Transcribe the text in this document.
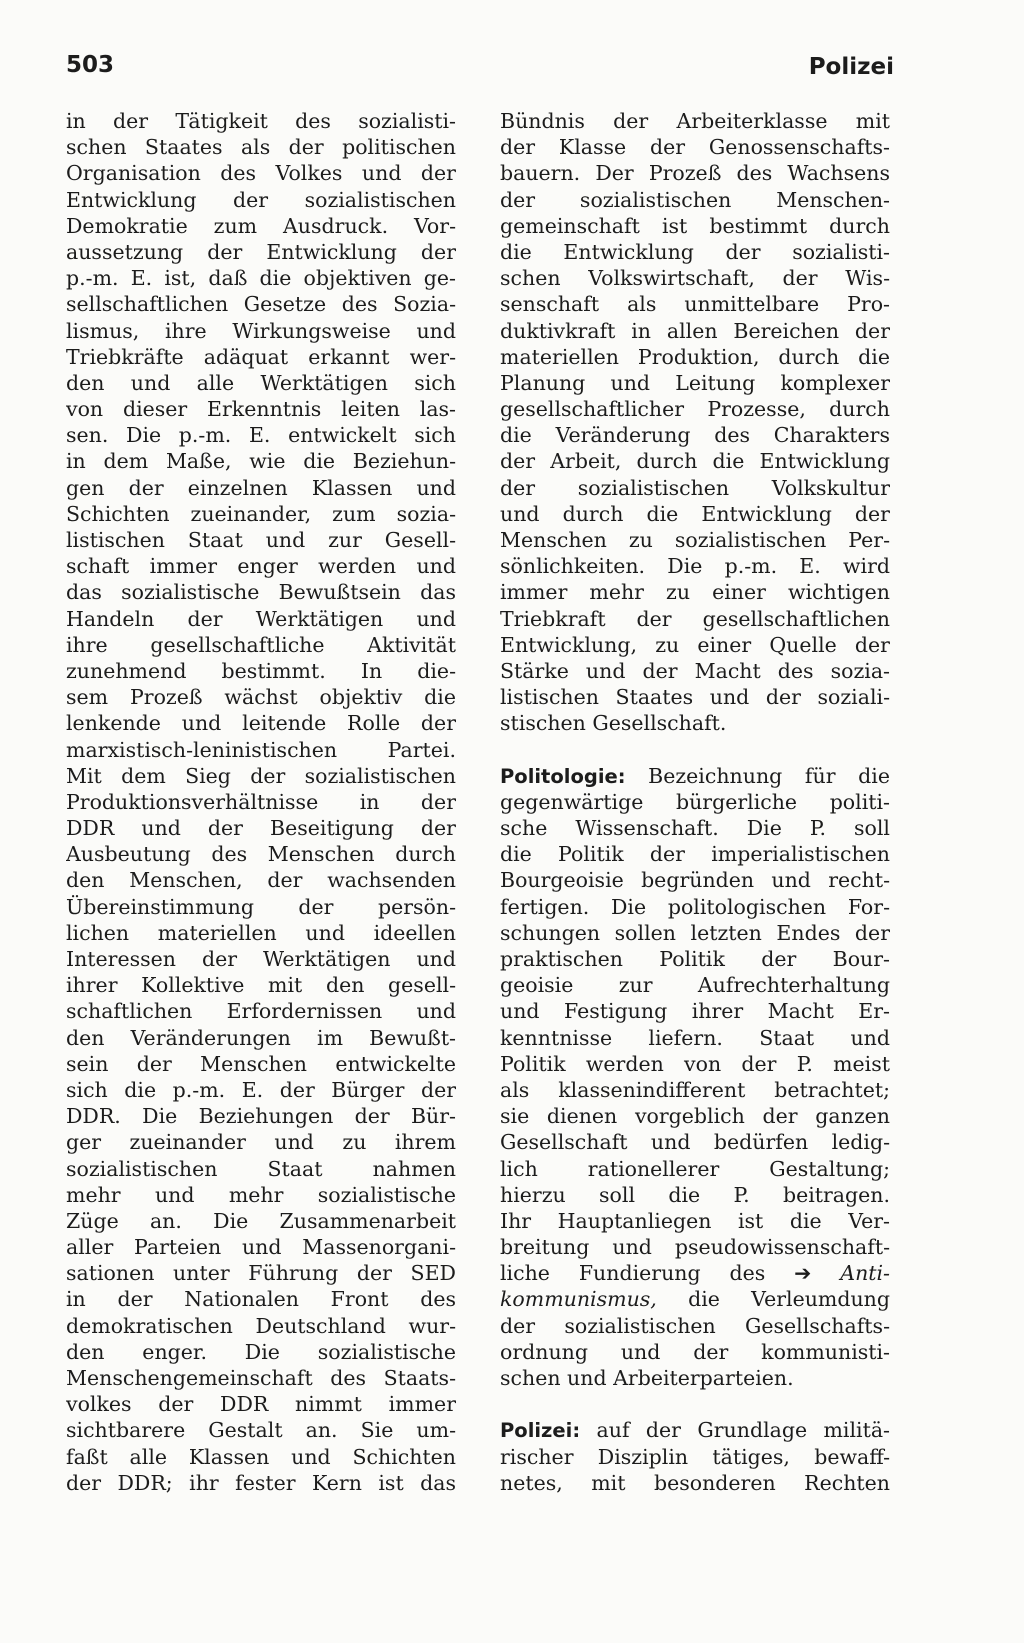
503	Polizei
in der Tätigkeit des sozialisti-
schen Staates als der politischen
Organisation des Volkes und der
Entwicklung der sozialistischen
Demokratie zum Ausdruck. Vor-
aussetzung der Entwicklung der
p.-m. E. ist, daß die objektiven ge-
sellschaftlichen Gesetze des Sozia-
lismus, ihre Wirkungsweise und
Triebkräfte adäquat erkannt wer-
den und alle Werktätigen sich
von dieser Erkenntnis leiten las-
sen. Die p.-m. E. entwickelt sich
in dem Maße, wie die Beziehun-
gen der einzelnen Klassen und
Schichten zueinander, zum sozia-
listischen Staat und zur Gesell-
schaft immer enger werden und
das sozialistische Bewußtsein das
Handeln der Werktätigen und
ihre gesellschaftliche Aktivität
zunehmend bestimmt. In die-
sem Prozeß wächst objektiv die
lenkende und leitende Rolle der
marxistisch-leninistischen Partei.
Mit dem Sieg der sozialistischen
Produktionsverhältnisse in der
DDR und der Beseitigung der
Ausbeutung des Menschen durch
den Menschen, der wachsenden
Übereinstimmung der persön-
lichen materiellen und ideellen
Interessen der Werktätigen und
ihrer Kollektive mit den gesell-
schaftlichen Erfordernissen und
den Veränderungen im Bewußt-
sein der Menschen entwickelte
sich die p.-m. E. der Bürger der
DDR. Die Beziehungen der Bür-
ger zueinander und zu ihrem
sozialistischen Staat nahmen
mehr und mehr sozialistische
Züge an. Die Zusammenarbeit
aller Parteien und Massenorgani-
sationen unter Führung der SED
in der Nationalen Front des
demokratischen Deutschland wur-
den enger. Die sozialistische
Menschengemeinschaft des Staats-
volkes der DDR nimmt immer
sichtbarere Gestalt an. Sie um-
faßt alle Klassen und Schichten
der DDR; ihr fester Kern ist das

Bündnis der Arbeiterklasse mit
der Klasse der Genossenschafts-
bauern. Der Prozeß des Wachsens
der sozialistischen Menschen-
gemeinschaft ist bestimmt durch
die Entwicklung der sozialisti-
schen Volkswirtschaft, der Wis-
senschaft als unmittelbare Pro-
duktivkraft in allen Bereichen der
materiellen Produktion, durch die
Planung und Leitung komplexer
gesellschaftlicher Prozesse, durch
die Veränderung des Charakters
der Arbeit, durch die Entwicklung
der sozialistischen Volkskultur
und durch die Entwicklung der
Menschen zu sozialistischen Per-
sönlichkeiten. Die p.-m. E. wird
immer mehr zu einer wichtigen
Triebkraft der gesellschaftlichen
Entwicklung, zu einer Quelle der
Stärke und der Macht des sozia-
listischen Staates und der soziali-
stischen Gesellschaft.

Politologie: Bezeichnung für die
gegenwärtige bürgerliche politi-
sche Wissenschaft. Die P. soll
die Politik der imperialistischen
Bourgeoisie begründen und recht-
fertigen. Die politologischen For-
schungen sollen letzten Endes der
praktischen Politik der Bour-
geoisie zur Aufrechterhaltung
und Festigung ihrer Macht Er-
kenntnisse liefern. Staat und
Politik werden von der P. meist
als klassenindifferent betrachtet;
sie dienen vorgeblich der ganzen
Gesellschaft und bedürfen ledig-
lich rationellerer Gestaltung;
hierzu soll die P. beitragen.
Ihr Hauptanliegen ist die Ver-
breitung und pseudowissenschaft-
liche Fundierung des ➔ Anti-
kommunismus, die Verleumdung
der sozialistischen Gesellschafts-
ordnung und der kommunisti-
schen und Arbeiterparteien.

Polizei: auf der Grundlage militä-
rischer Disziplin tätiges, bewaff-
netes, mit besonderen Rechten
